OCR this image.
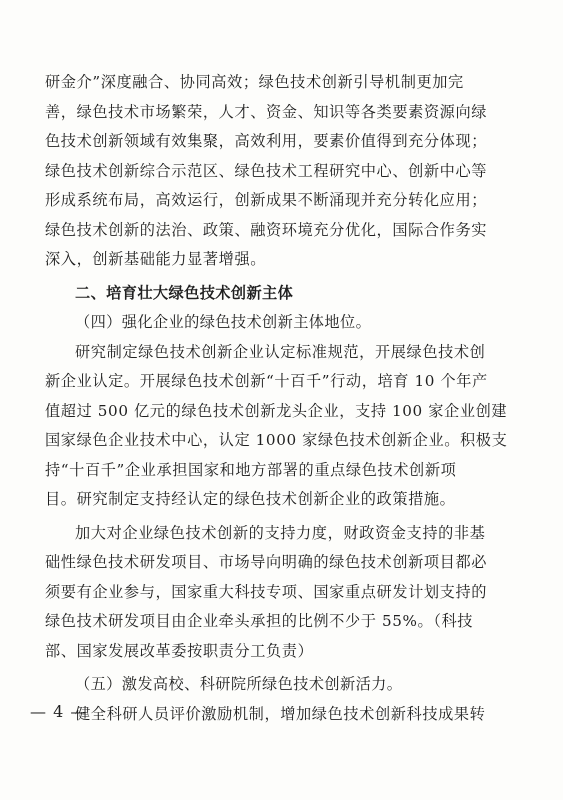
研金介”深度融合、协同高效；绿色技术创新引导机制更加完
善，绿色技术市场繁荣，人才、资金、知识等各类要素资源向绿
色技术创新领域有效集聚，高效利用，要素价值得到充分体现；
绿色技术创新综合示范区、绿色技术工程研究中心、创新中心等
形成系统布局，高效运行，创新成果不断涌现并充分转化应用；
绿色技术创新的法治、政策、融资环境充分优化，国际合作务实
深入，创新基础能力显著增强。
二、培育壮大绿色技术创新主体
（四）强化企业的绿色技术创新主体地位。
研究制定绿色技术创新企业认定标准规范，开展绿色技术创
新企业认定。开展绿色技术创新“十百千”行动，培育 10 个年产
值超过 500 亿元的绿色技术创新龙头企业，支持 100 家企业创建
国家绿色企业技术中心，认定 1000 家绿色技术创新企业。积极支
持“十百千”企业承担国家和地方部署的重点绿色技术创新项
目。研究制定支持经认定的绿色技术创新企业的政策措施。
加大对企业绿色技术创新的支持力度，财政资金支持的非基
础性绿色技术研发项目、市场导向明确的绿色技术创新项目都必
须要有企业参与，国家重大科技专项、国家重点研发计划支持的
绿色技术研发项目由企业牵头承担的比例不少于 55%。（科技
部、国家发展改革委按职责分工负责）
（五）激发高校、科研院所绿色技术创新活力。
健全科研人员评价激励机制，增加绿色技术创新科技成果转
— 4 —
